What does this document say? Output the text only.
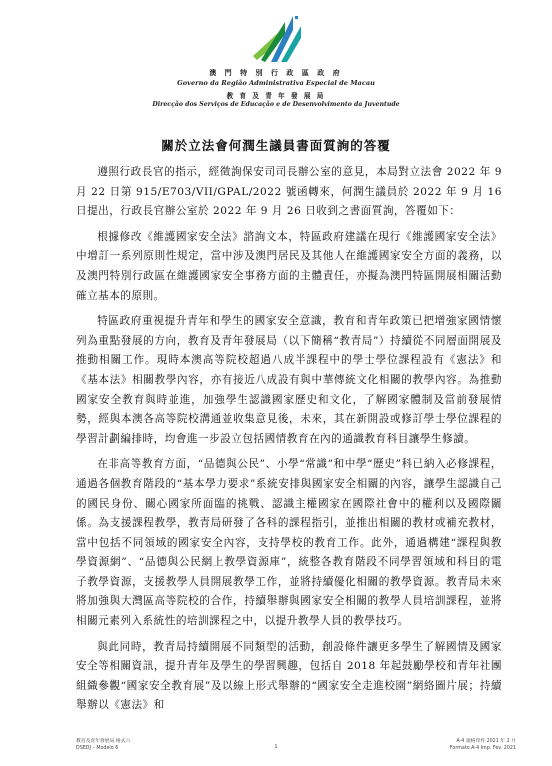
澳 門 特 別 行 政 區 政 府
Governo da Região Administrativa Especial de Macau
教 育 及 青 年 發 展 局
Direcção dos Serviços de Educação e de Desenvolvimento da Juventude
關於立法會何潤生議員書面質詢的答覆

遵照行政長官的指示，經徵詢保安司司長辦公室的意見，本局對立法會 2022 年 9 月 22 日第 915/E703/VII/GPAL/2022 號函轉來，何潤生議員於 2022 年 9 月 16 日提出，行政長官辦公室於 2022 年 9 月 26 日收到之書面質詢，答覆如下：

根據修改《維護國家安全法》諮詢文本，特區政府建議在現行《維護國家安全法》中增訂一系列原則性規定，當中涉及澳門居民及其他人在維護國家安全方面的義務，以及澳門特別行政區在維護國家安全事務方面的主體責任，亦擬為澳門特區開展相關活動確立基本的原則。

特區政府重視提升青年和學生的國家安全意識，教育和青年政策已把增強家國情懷列為重點發展的方向，教育及青年發展局（以下簡稱“教青局”）持續從不同層面開展及推動相關工作。現時本澳高等院校超過八成半課程中的學士學位課程設有《憲法》和《基本法》相關教學內容，亦有接近八成設有與中華傳統文化相關的教學內容。為推動國家安全教育與時並進，加強學生認識國家歷史和文化，了解國家體制及當前發展情勢，經與本澳各高等院校溝通並收集意見後，未來，其在新開設或修訂學士學位課程的學習計劃編排時，均會進一步設立包括國情教育在內的通識教育科目讓學生修讀。

在非高等教育方面，“品德與公民”、小學“常識”和中學“歷史”科已納入必修課程，通過各個教育階段的“基本學力要求”系統安排與國家安全相關的內容，讓學生認識自己的國民身份、關心國家所面臨的挑戰、認識主權國家在國際社會中的權利以及國際關係。為支援課程教學，教青局研發了各科的課程指引，並推出相關的教材或補充教材，當中包括不同領域的國家安全內容，支持學校的教育工作。此外，通過構建“課程與教學資源網”、“品德與公民網上教學資源庫”，統整各教育階段不同學習領域和科目的電子教學資源，支援教學人員開展教學工作，並將持續優化相關的教學資源。教青局未來將加強與大灣區高等院校的合作，持續舉辦與國家安全相關的教學人員培訓課程，並將相關元素列入系統性的培訓課程之中，以提升教學人員的教學技巧。

與此同時，教青局持續開展不同類型的活動，創設條件讓更多學生了解國情及國家安全等相關資訊，提升青年及學生的學習興趣，包括自 2018 年起鼓勵學校和青年社團組織參觀“國家安全教育展”及以線上形式舉辦的“國家安全走進校園”網絡圖片展；持續舉辦以《憲法》和

教育及青年發展局 格式六
DSEDJ – Modelo 6	1
A-4 規格印件 2021 年 2 月
Formato A-4 Imp. Fev. 2021
